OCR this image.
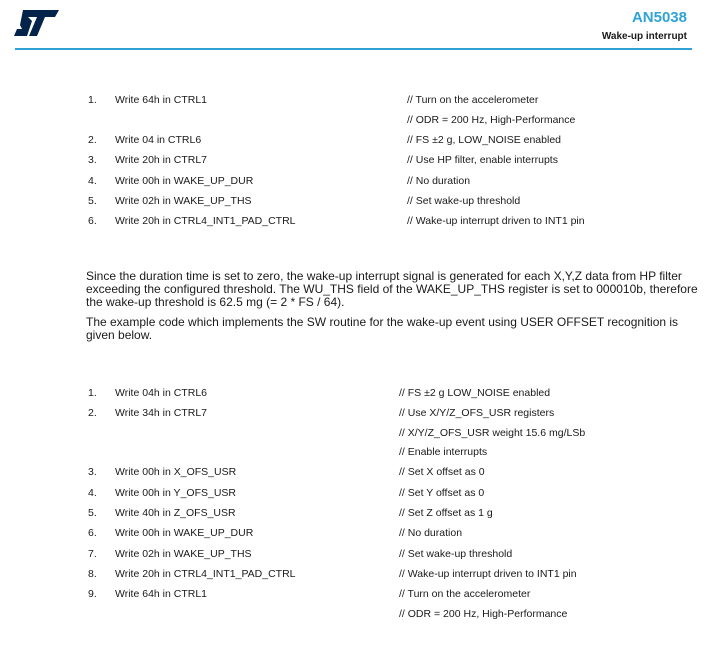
AN5038
Wake-up interrupt
1.	Write 64h in CTRL1	// Turn on the accelerometer
// ODR = 200 Hz, High-Performance
2.	Write 04 in CTRL6	// FS ±2 g, LOW_NOISE enabled
3.	Write 20h in CTRL7	// Use HP filter, enable interrupts
4.	Write 00h in WAKE_UP_DUR	// No duration
5.	Write 02h in WAKE_UP_THS	// Set wake-up threshold
6.	Write 20h in CTRL4_INT1_PAD_CTRL	// Wake-up interrupt driven to INT1 pin

Since the duration time is set to zero, the wake-up interrupt signal is generated for each X,Y,Z data from HP filter exceeding the configured threshold. The WU_THS field of the WAKE_UP_THS register is set to 000010b, therefore the wake-up threshold is 62.5 mg (= 2 * FS / 64).

The example code which implements the SW routine for the wake-up event using USER OFFSET recognition is given below.

1.	Write 04h in CTRL6	// FS ±2 g LOW_NOISE enabled
2.	Write 34h in CTRL7	// Use X/Y/Z_OFS_USR registers
// X/Y/Z_OFS_USR weight 15.6 mg/LSb
// Enable interrupts
3.	Write 00h in X_OFS_USR	// Set X offset as 0
4.	Write 00h in Y_OFS_USR	// Set Y offset as 0
5.	Write 40h in Z_OFS_USR	// Set Z offset as 1 g
6.	Write 00h in WAKE_UP_DUR	// No duration
7.	Write 02h in WAKE_UP_THS	// Set wake-up threshold
8.	Write 20h in CTRL4_INT1_PAD_CTRL	// Wake-up interrupt driven to INT1 pin
9.	Write 64h in CTRL1	// Turn on the accelerometer
// ODR = 200 Hz, High-Performance
